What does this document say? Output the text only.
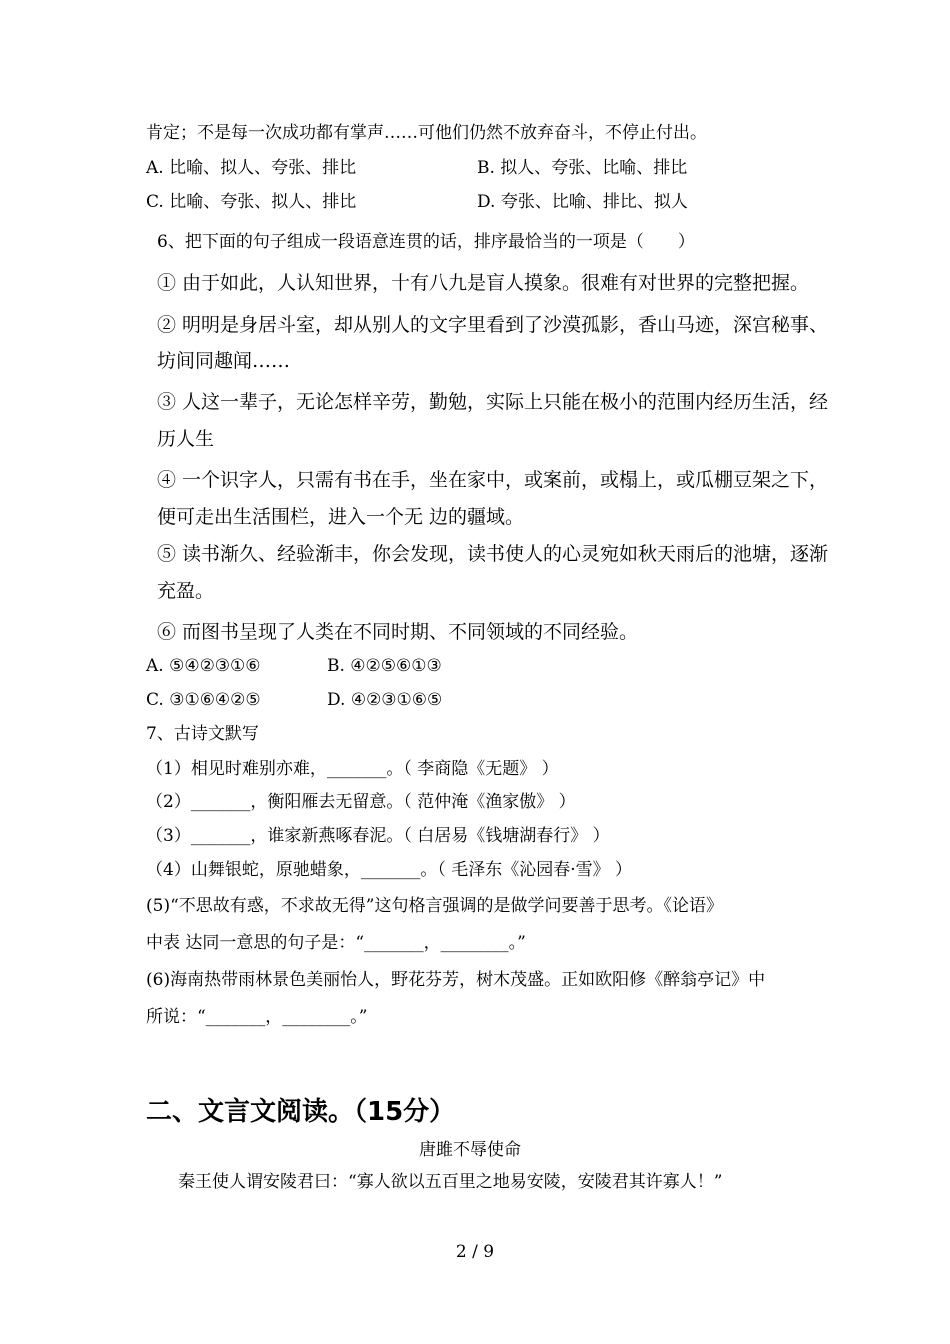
肯定；不是每一次成功都有掌声……可他们仍然不放弃奋斗，不停止付出。
A. 比喻、拟人、夸张、排比	B. 拟人、夸张、比喻、排比
C. 比喻、夸张、拟人、排比	D. 夸张、比喻、排比、拟人
6、把下面的句子组成一段语意连贯的话，排序最恰当的一项是（　　）
① 由于如此，人认知世界，十有八九是盲人摸象。很难有对世界的完整把握。
② 明明是身居斗室，却从别人的文字里看到了沙漠孤影，香山马迹，深宫秘事、
坊间同趣闻……
③ 人这一辈子，无论怎样辛劳，勤勉，实际上只能在极小的范围内经历生活，经
历人生
④ 一个识字人，只需有书在手，坐在家中，或案前，或榻上，或瓜棚豆架之下，
便可走出生活围栏，进入一个无 边的疆域。
⑤ 读书渐久、经验渐丰，你会发现，读书使人的心灵宛如秋天雨后的池塘，逐渐
充盈。
⑥ 而图书呈现了人类在不同时期、不同领域的不同经验。
A. ⑤④②③①⑥	B. ④②⑤⑥①③
C. ③①⑥④②⑤	D. ④②③①⑥⑤
7、古诗文默写
（1）相见时难别亦难，_______。（ 李商隐《无题》 ）
（2）_______，衡阳雁去无留意。（ 范仲淹《渔家傲》 ）
（3）_______，谁家新燕啄春泥。（ 白居易《钱塘湖春行》 ）
（4）山舞银蛇，原驰蜡象，_______。（ 毛泽东《沁园春·雪》 ）
(5)“不思故有惑，不求故无得”这句格言强调的是做学问要善于思考。《论语》
中表 达同一意思的句子是：“_______，________。”
(6)海南热带雨林景色美丽怡人，野花芬芳，树木茂盛。正如欧阳修《醉翁亭记》中
所说：“_______，________。”
二、文言文阅读。（15分）
唐雎不辱使命
秦王使人谓安陵君曰：“寡人欲以五百里之地易安陵，安陵君其许寡人！”
2 / 9
